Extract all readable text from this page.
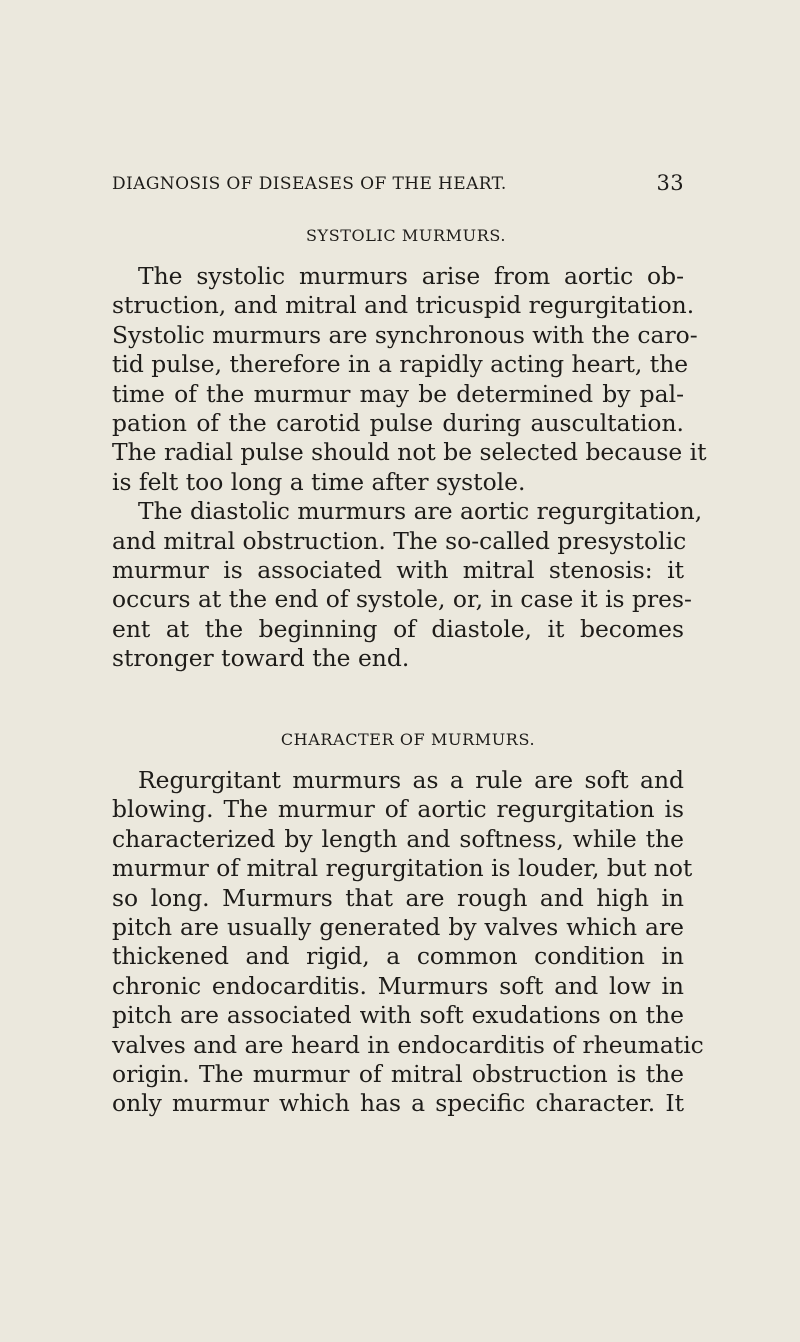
DIAGNOSIS OF DISEASES OF THE HEART.	33
SYSTOLIC MURMURS.
The systolic murmurs arise from aortic ob-
struction, and mitral and tricuspid regurgitation.
Systolic murmurs are synchronous with the caro-
tid pulse, therefore in a rapidly acting heart, the
time of the murmur may be determined by pal-
pation of the carotid pulse during auscultation.
The radial pulse should not be selected because it
is felt too long a time after systole.
The diastolic murmurs are aortic regurgitation,
and mitral obstruction. The so-called presystolic
murmur is associated with mitral stenosis: it
occurs at the end of systole, or, in case it is pres-
ent at the beginning of diastole, it becomes
stronger toward the end.
CHARACTER OF MURMURS.
Regurgitant murmurs as a rule are soft and
blowing. The murmur of aortic regurgitation is
characterized by length and softness, while the
murmur of mitral regurgitation is louder, but not
so long. Murmurs that are rough and high in
pitch are usually generated by valves which are
thickened and rigid, a common condition in
chronic endocarditis. Murmurs soft and low in
pitch are associated with soft exudations on the
valves and are heard in endocarditis of rheumatic
origin. The murmur of mitral obstruction is the
only murmur which has a specific character. It
